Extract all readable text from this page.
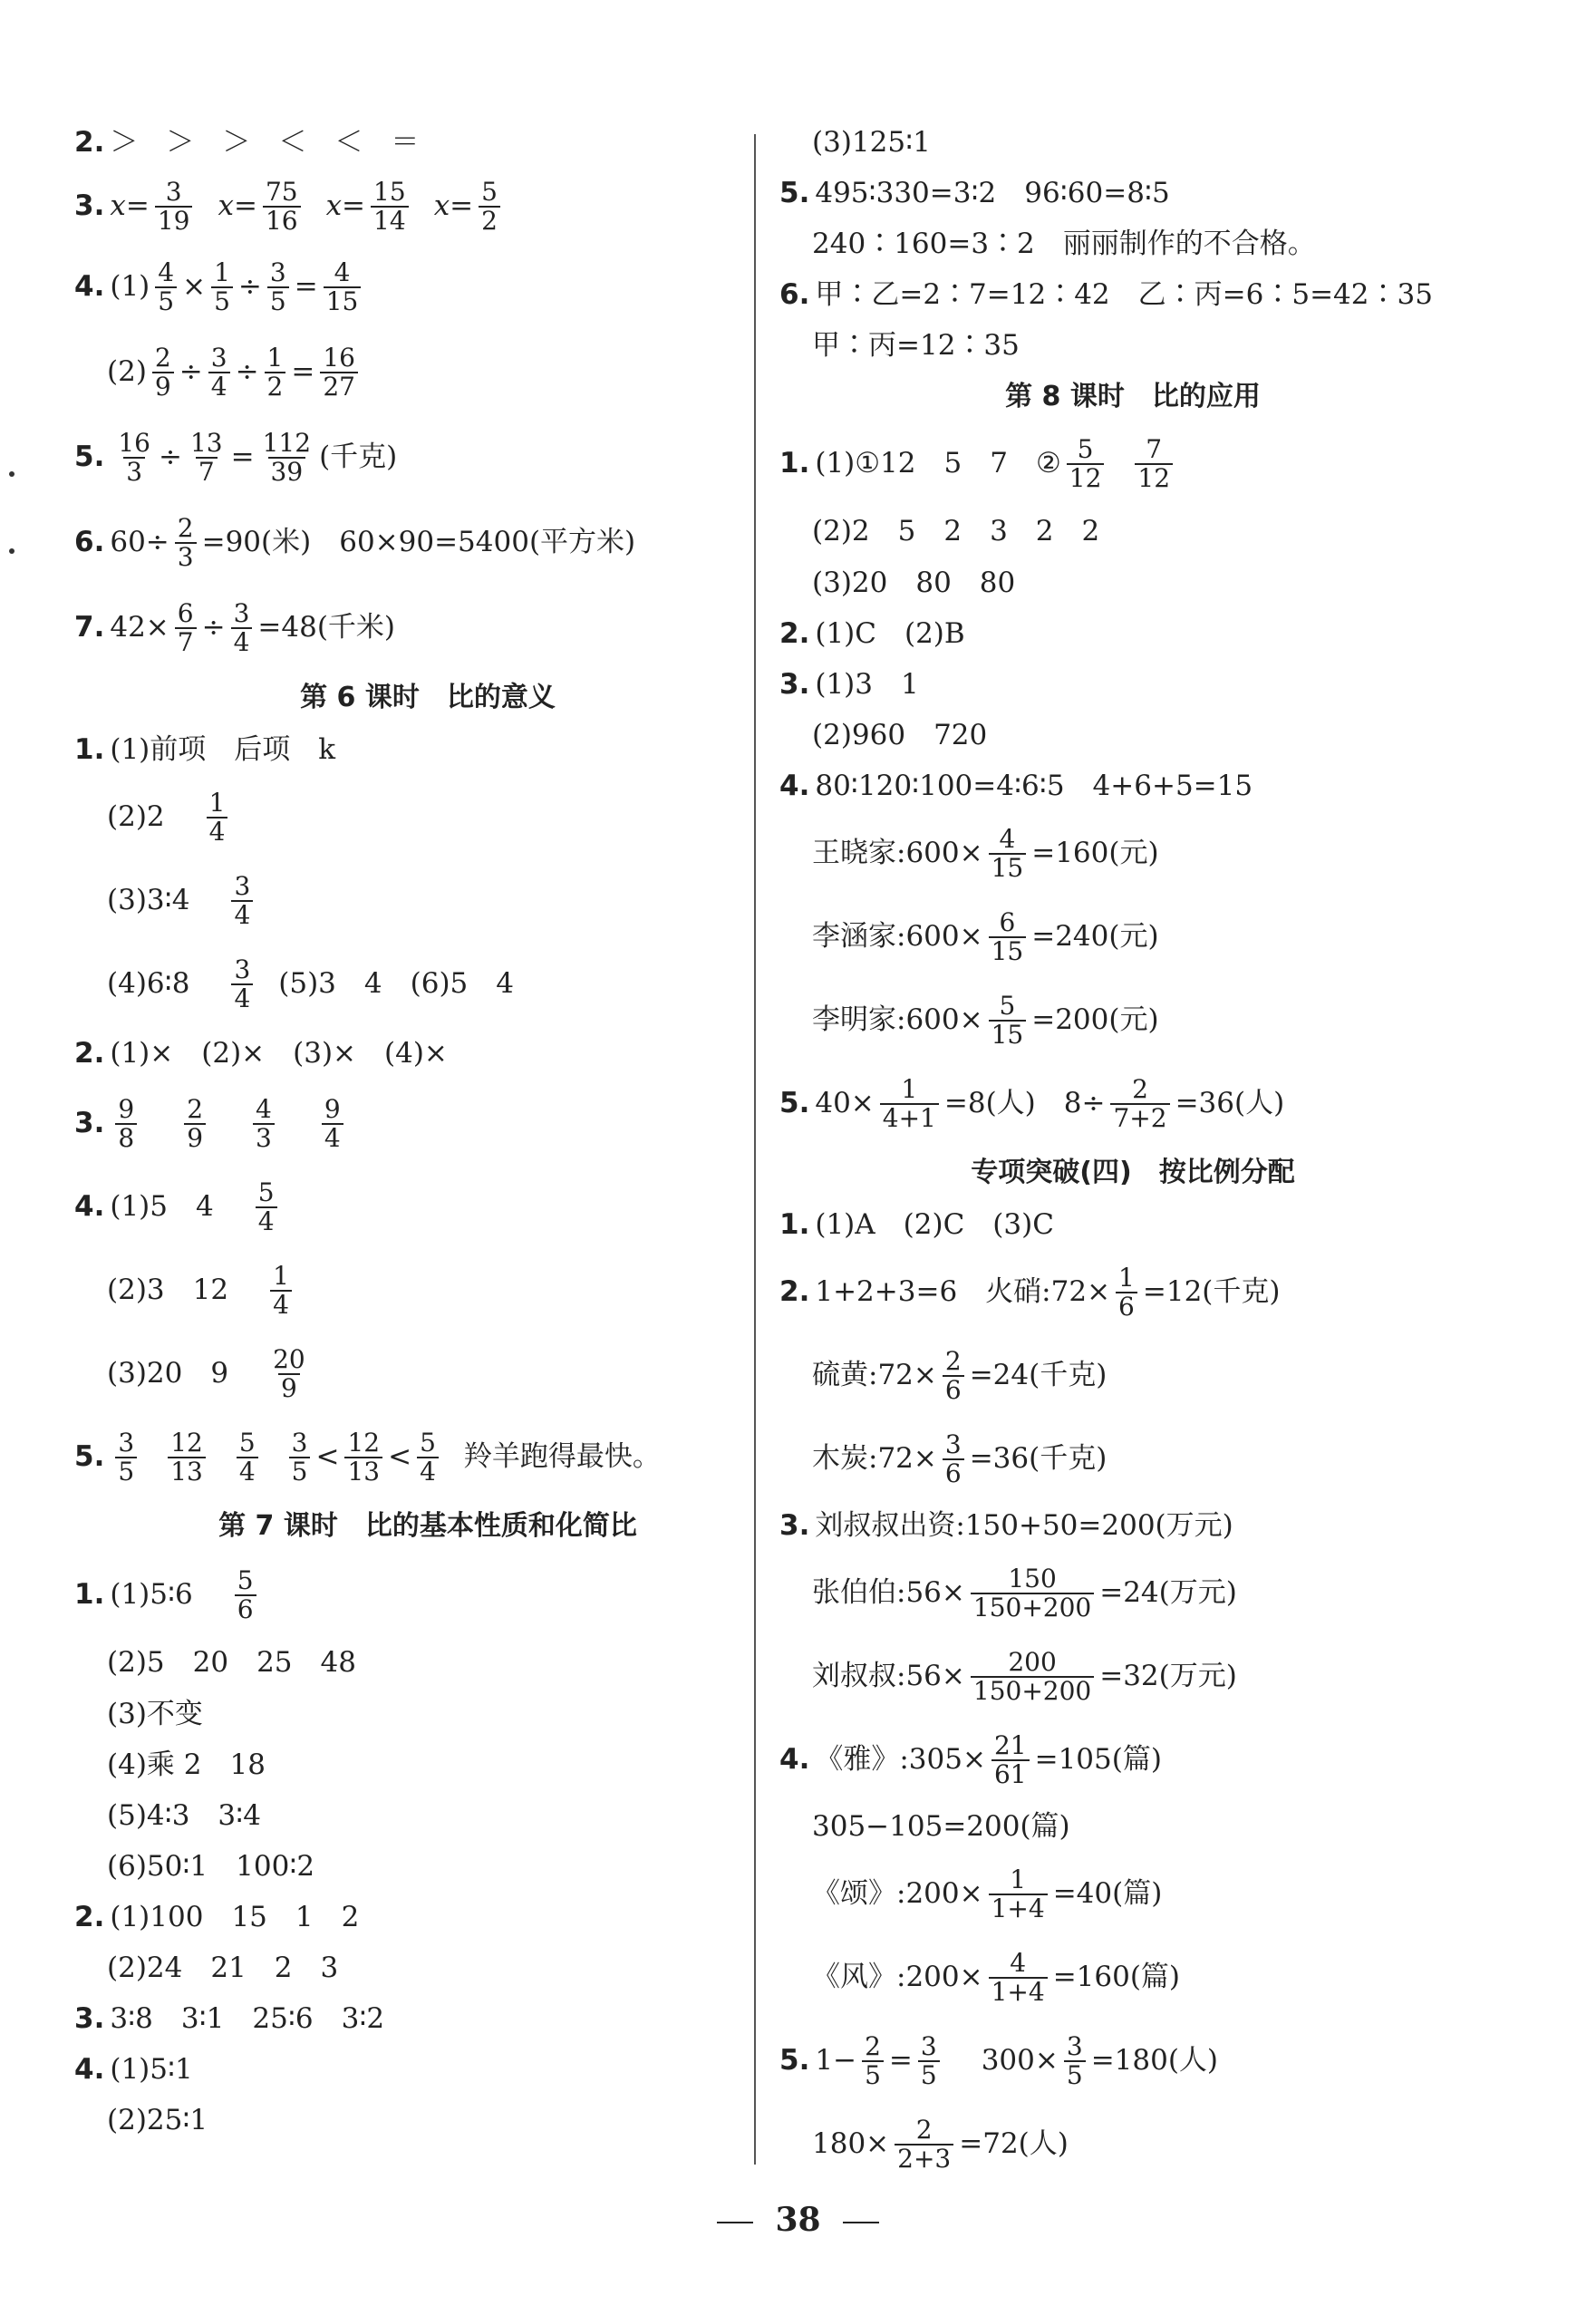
2. ＞　＞　＞　＜　＜　＝
3. $x= \frac{3}{19} x= \frac{75}{16} x= \frac{15}{14} x= \frac{5}{2}$
4. $(1) \frac{4}{5} \times \frac{1}{5} \div \frac{3}{5} = \frac{4}{15}$
$(2) \frac{2}{9} \div \frac{3}{4} \div \frac{1}{2} = \frac{16}{27}$
5. $\frac{16}{3} \div \frac{13}{7} = \frac{112}{39}$ (千克)
6. $60\div \frac{2}{3} =90$(米)　60×90=5400(平方米)
7. $42\times \frac{6}{7} \div \frac{3}{4} =48$(千米)
第 6 课时　比的意义
1. (1)前项　后项　k
$(2)2 \frac{1}{4}$
(3)3∶4 $\frac{3}{4}$
(4)6∶8 $\frac{3}{4} (5)3$　4　(6)5　4
2. (1)×　(2)×　(3)×　(4)×
3. $\frac{9}{8} \frac{2}{9} \frac{4}{3} \frac{9}{4}$
4. (1)5　$4 \frac{5}{4}$
(2)3　$12 \frac{1}{4}$
(3)20　$9 \frac{20}{9}$
5. $\frac{3}{5} \frac{12}{13} \frac{5}{4} \frac{3}{5} < \frac{12}{13} < \frac{5}{4}$ 羚羊跑得最快。
第 7 课时　比的基本性质和化简比
1. (1)5∶6 $\frac{5}{6}$
(2)5　20　25　48
(3)不变
(4)乘 2　18
(5)4∶3　3∶4
(6)50∶1　100∶2
2. (1)100　15　1　2
(2)24　21　2　3
3. 3∶8　3∶1　25∶6　3∶2
4. (1)5∶1
(2)25∶1
(3)125∶1
5. 495∶330=3∶2　96∶60=8∶5
240∶160=3∶2　丽丽制作的不合格。
6. 甲∶乙=2∶7=12∶42　乙∶丙=6∶5=42∶35
甲∶丙=12∶35
第 8 课时　比的应用
1. (1)①12　5　7　② $\frac{5}{12} \frac{7}{12}$
(2)2　5　2　3　2　2
(3)20　80　80
2. (1)C　(2)B
3. (1)3　1
(2)960　720
4. 80∶120∶100=4∶6∶5　4+6+5=15
王晓家:600× $\frac{4}{15} =160$(元)
李涵家:600× $\frac{6}{15} =240$(元)
李明家:600× $\frac{5}{15} =200$(元)
5. $40\times \frac{1}{4+1} =8$(人)　$8\div \frac{2}{7+2} =36$(人)
专项突破(四)　按比例分配
1. (1)A　(2)C　(3)C
2. 1+2+3=6　火硝:72× $\frac{1}{6} =12$(千克)
硫黄:72× $\frac{2}{6} =24$(千克)
木炭:72× $\frac{3}{6} =36$(千克)
3. 刘叔叔出资:150+50=200(万元)
张伯伯:56× $\frac{150}{150+200} =24$(万元)
刘叔叔:56× $\frac{200}{150+200} =32$(万元)
4. 《雅》:305× $\frac{21}{61} =105$(篇)
305−105=200(篇)
《颂》:200× $\frac{1}{1+4} =40$(篇)
《风》:200× $\frac{4}{1+4} =160$(篇)
5. $1- \frac{2}{5} = \frac{3}{5} 300\times \frac{3}{5} =180$(人)
$180\times \frac{2}{2+3} =72$(人)
38
